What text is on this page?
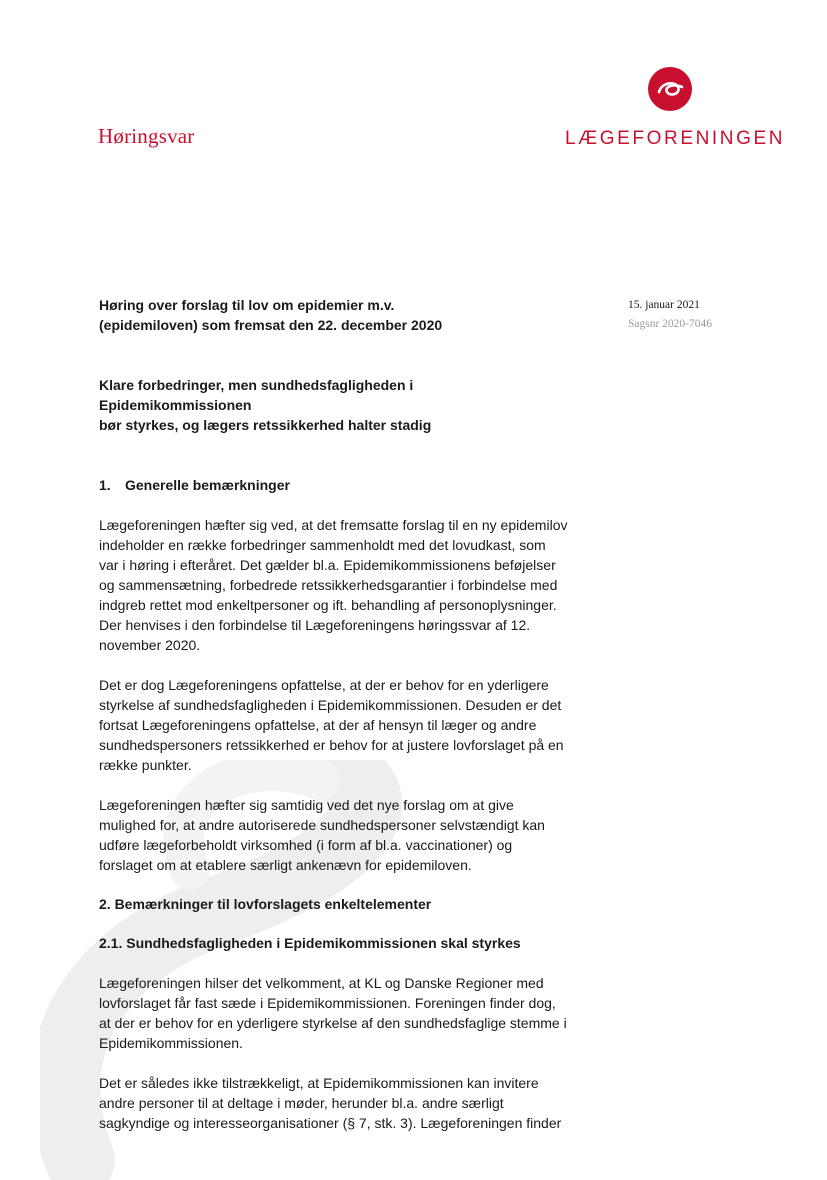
Høringsvar	LÆGEFORENINGEN
15. januar 2021
Sagsnr 2020-7046

Høring over forslag til lov om epidemier m.v.

(epidemiloven) som fremsat den 22. december 2020

Klare forbedringer, men sundhedsfagligheden i Epidemikommissionen

bør styrkes, og lægers retssikkerhed halter stadig

1.	Generelle bemærkninger

Lægeforeningen hæfter sig ved, at det fremsatte forslag til en ny epidemilov indeholder en række forbedringer sammenholdt med det lovudkast, som var i høring i efteråret. Det gælder bl.a. Epidemikommissionens beføjelser og sammensætning, forbedrede retssikkerhedsgarantier i forbindelse med indgreb rettet mod enkeltpersoner og ift. behandling af personoplysninger. Der henvises i den forbindelse til Lægeforeningens høringssvar af 12. november 2020.

Det er dog Lægeforeningens opfattelse, at der er behov for en yderligere styrkelse af sundhedsfagligheden i Epidemikommissionen. Desuden er det fortsat Lægeforeningens opfattelse, at der af hensyn til læger og andre sundhedspersoners retssikkerhed er behov for at justere lovforslaget på en række punkter.

Lægeforeningen hæfter sig samtidig ved det nye forslag om at give mulighed for, at andre autoriserede sundhedspersoner selvstændigt kan udføre lægeforbeholdt virksomhed (i form af bl.a. vaccinationer) og forslaget om at etablere særligt ankenævn for epidemiloven.

2. Bemærkninger til lovforslagets enkeltelementer

2.1. Sundhedsfagligheden i Epidemikommissionen skal styrkes

Lægeforeningen hilser det velkomment, at KL og Danske Regioner med lovforslaget får fast sæde i Epidemikommissionen. Foreningen finder dog, at der er behov for en yderligere styrkelse af den sundhedsfaglige stemme i Epidemikommissionen.

Det er således ikke tilstrækkeligt, at Epidemikommissionen kan invitere andre personer til at deltage i møder, herunder bl.a. andre særligt sagkyndige og interesseorganisationer (§ 7, stk. 3). Lægeforeningen finder
